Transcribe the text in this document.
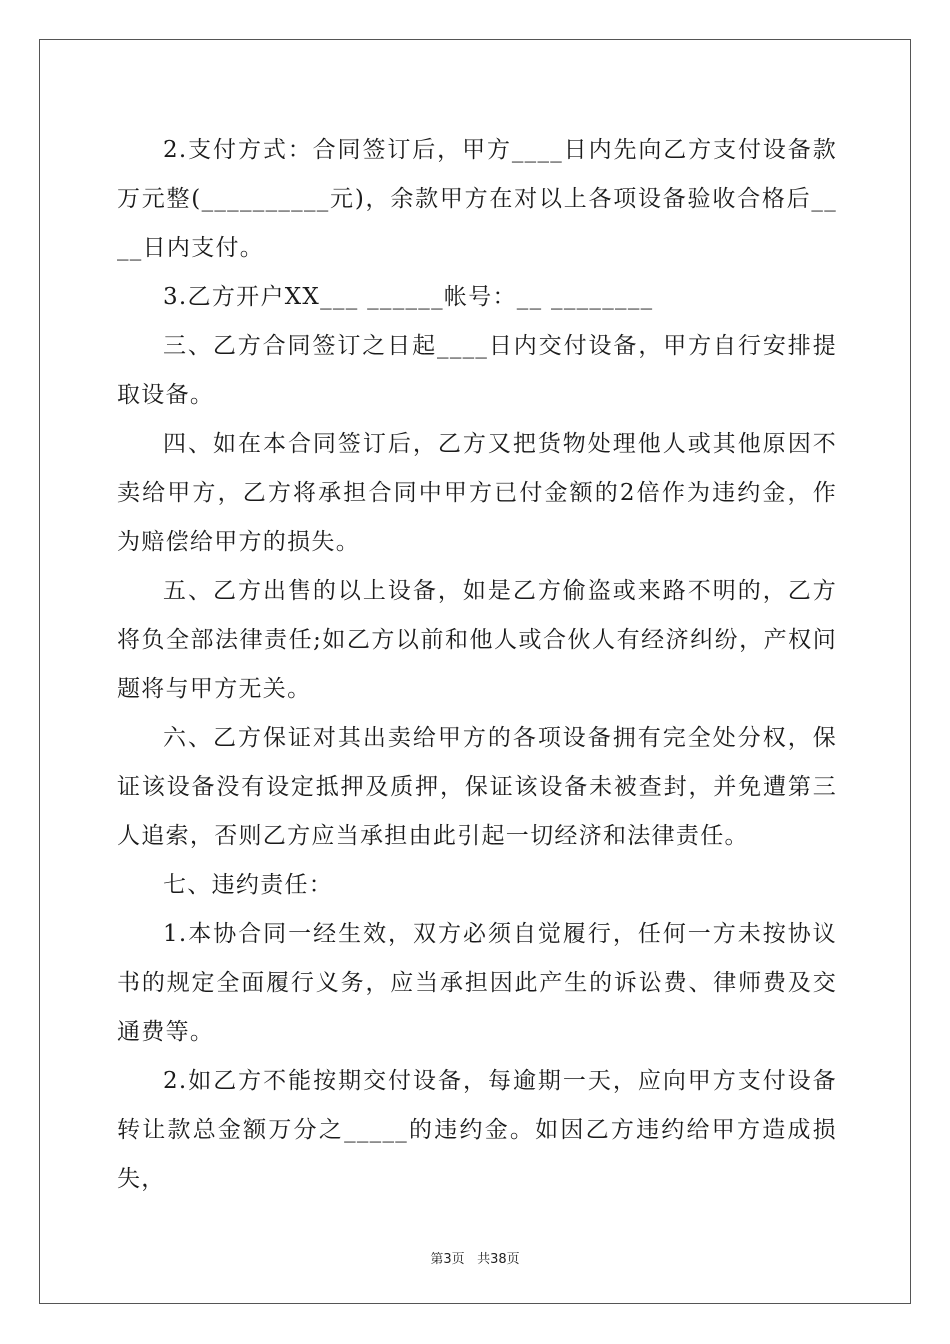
2.支付方式：合同签订后，甲方____日内先向乙方支付设备款万元整(__________元)，余款甲方在对以上各项设备验收合格后____日内支付。

3.乙方开户XX___ ______帐号：__ ________

三、乙方合同签订之日起____日内交付设备，甲方自行安排提取设备。

四、如在本合同签订后，乙方又把货物处理他人或其他原因不卖给甲方，乙方将承担合同中甲方已付金额的2倍作为违约金，作为赔偿给甲方的损失。

五、乙方出售的以上设备，如是乙方偷盗或来路不明的，乙方将负全部法律责任;如乙方以前和他人或合伙人有经济纠纷，产权问题将与甲方无关。

六、乙方保证对其出卖给甲方的各项设备拥有完全处分权，保证该设备没有设定抵押及质押，保证该设备未被查封，并免遭第三人追索，否则乙方应当承担由此引起一切经济和法律责任。

七、违约责任：

1.本协合同一经生效，双方必须自觉履行，任何一方未按协议书的规定全面履行义务，应当承担因此产生的诉讼费、律师费及交通费等。

2.如乙方不能按期交付设备，每逾期一天，应向甲方支付设备转让款总金额万分之_____的违约金。如因乙方违约给甲方造成损失，

第3页 共38页
